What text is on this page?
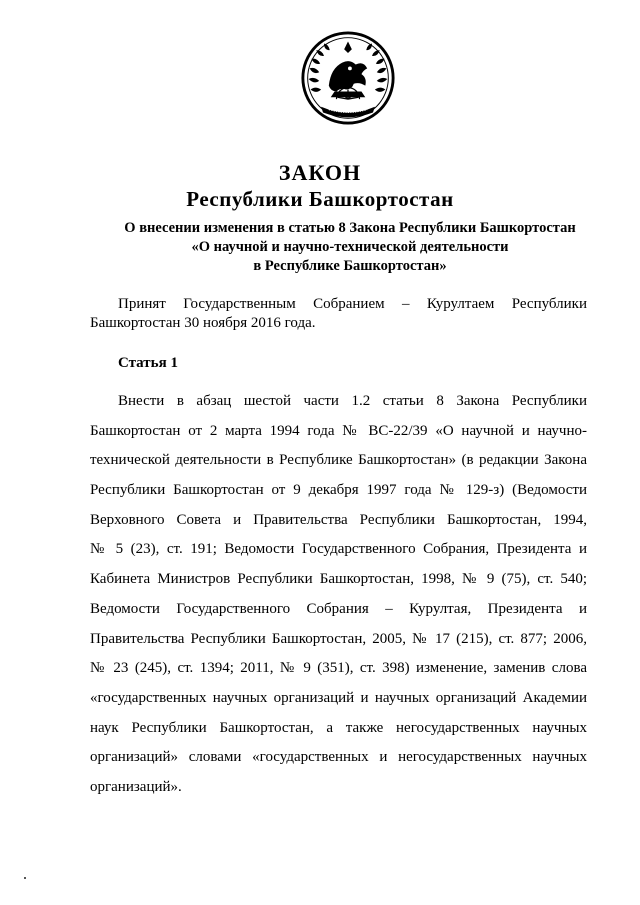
ЗАКОН
Республики Башкортостан
О внесении изменения в статью 8 Закона Республики Башкортостан
«О научной и научно-технической деятельности
в Республике Башкортостан»
Принят Государственным Собранием – Курултаем Республики
Башкортостан 30 ноября 2016 года.
Статья 1
Внести в абзац шестой части 1.2 статьи 8 Закона Республики
Башкортостан от 2 марта 1994 года № ВС-22/39 «О научной и научно-
технической деятельности в Республике Башкортостан» (в редакции Закона
Республики Башкортостан от 9 декабря 1997 года № 129-з) (Ведомости
Верховного Совета и Правительства Республики Башкортостан, 1994,
№ 5 (23), ст. 191; Ведомости Государственного Собрания, Президента и
Кабинета Министров Республики Башкортостан, 1998, № 9 (75), ст. 540;
Ведомости Государственного Собрания – Курултая, Президента и
Правительства Республики Башкортостан, 2005, № 17 (215), ст. 877; 2006,
№ 23 (245), ст. 1394; 2011, № 9 (351), ст. 398) изменение, заменив слова
«государственных научных организаций и научных организаций Академии
наук Республики Башкортостан, а также негосударственных научных
организаций» словами «государственных и негосударственных научных
организаций».
